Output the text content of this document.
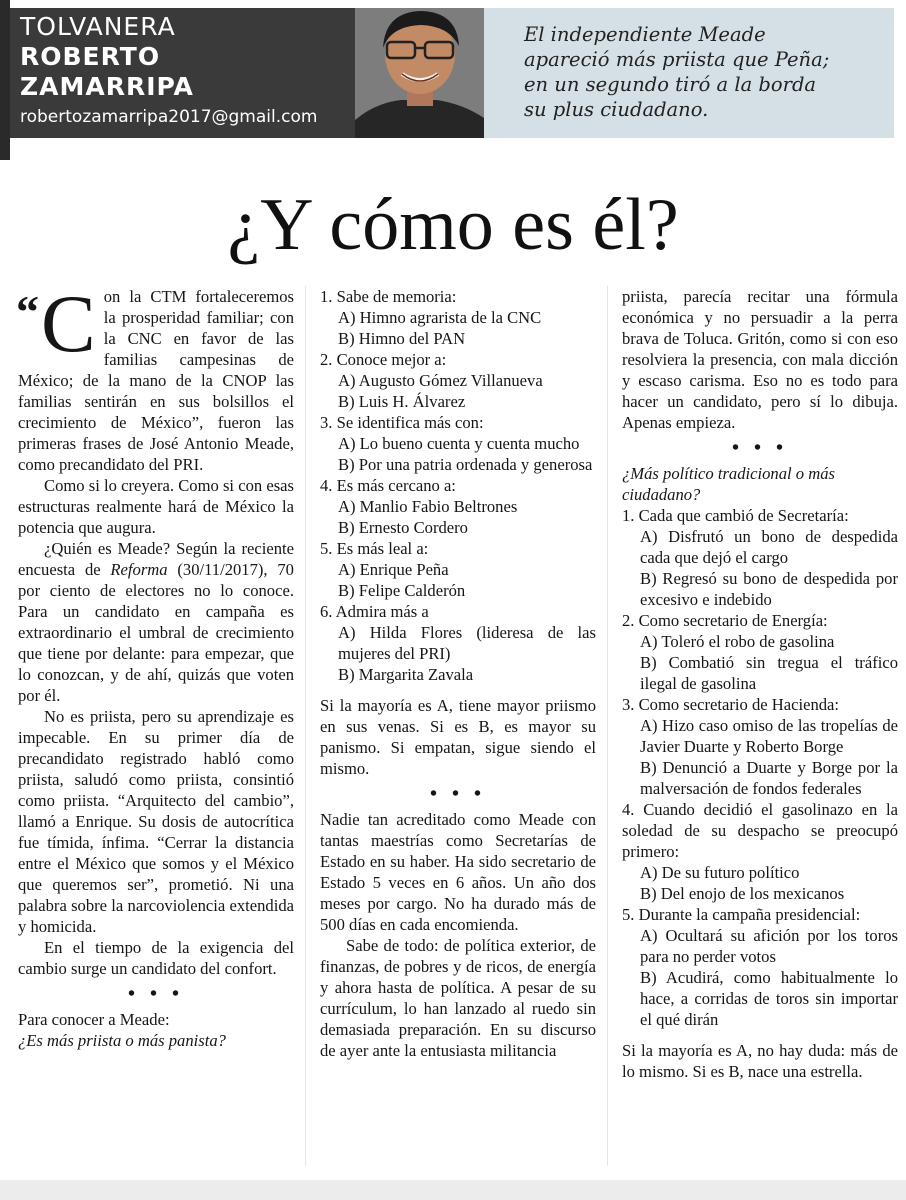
El independiente Meade
apareció más priista que Peña;
en un segundo tiró a la borda
su plus ciudadano.
TOLVANERA
ROBERTO
ZAMARRIPA
robertozamarripa2017@gmail.com
¿Y cómo es él?

“ C on la CTM fortaleceremos la prosperidad familiar; con la CNC en favor de las familias campesinas de México; de la mano de la CNOP las familias sentirán en sus bolsillos el crecimiento de México”, fueron las primeras frases de José Antonio Meade, como precandidato del PRI.

Como si lo creyera. Como si con esas estructuras realmente hará de México la potencia que augura.

¿Quién es Meade? Según la reciente encuesta de Reforma (30/11/2017), 70 por ciento de electores no lo conoce. Para un candidato en campaña es extraordinario el umbral de crecimiento que tiene por delante: para empezar, que lo conozcan, y de ahí, quizás que voten por él.

No es priista, pero su aprendizaje es impecable. En su primer día de precandidato registrado habló como priista, saludó como priista, consintió como priista. “Arquitecto del cambio”, llamó a Enrique. Su dosis de autocrítica fue tímida, ínfima. “Cerrar la distancia entre el México que somos y el México que queremos ser”, prometió. Ni una palabra sobre la narcoviolencia extendida y homicida.

En el tiempo de la exigencia del cambio surge un candidato del confort.

• • •

Para conocer a Meade:

¿Es más priista o más panista?

1. Sabe de memoria:

A) Himno agrarista de la CNC

B) Himno del PAN

2. Conoce mejor a:

A) Augusto Gómez Villanueva

B) Luis H. Álvarez

3. Se identifica más con:

A) Lo bueno cuenta y cuenta mucho

B) Por una patria ordenada y generosa

4. Es más cercano a:

A) Manlio Fabio Beltrones

B) Ernesto Cordero

5. Es más leal a:

A) Enrique Peña

B) Felipe Calderón

6. Admira más a

A) Hilda Flores (lideresa de las mujeres del PRI)

B) Margarita Zavala

Si la mayoría es A, tiene mayor priismo en sus venas. Si es B, es mayor su panismo. Si empatan, sigue siendo el mismo.

• • •

Nadie tan acreditado como Meade con tantas maestrías como Secretarías de Estado en su haber. Ha sido secretario de Estado 5 veces en 6 años. Un año dos meses por cargo. No ha durado más de 500 días en cada encomienda.

Sabe de todo: de política exterior, de finanzas, de pobres y de ricos, de energía y ahora hasta de política. A pesar de su currículum, lo han lanzado al ruedo sin demasiada preparación. En su discurso de ayer ante la entusiasta militancia

priista, parecía recitar una fórmula económica y no persuadir a la perra brava de Toluca. Gritón, como si con eso resolviera la presencia, con mala dicción y escaso carisma. Eso no es todo para hacer un candidato, pero sí lo dibuja. Apenas empieza.

• • •

¿Más político tradicional o más ciudadano?

1. Cada que cambió de Secretaría:

A) Disfrutó un bono de despedida cada que dejó el cargo

B) Regresó su bono de despedida por excesivo e indebido

2. Como secretario de Energía:

A) Toleró el robo de gasolina

B) Combatió sin tregua el tráfico ilegal de gasolina

3. Como secretario de Hacienda:

A) Hizo caso omiso de las tropelías de Javier Duarte y Roberto Borge

B) Denunció a Duarte y Borge por la malversación de fondos federales

4. Cuando decidió el gasolinazo en la soledad de su despacho se preocupó primero:

A) De su futuro político

B) Del enojo de los mexicanos

5. Durante la campaña presidencial:

A) Ocultará su afición por los toros para no perder votos

B) Acudirá, como habitualmente lo hace, a corridas de toros sin importar el qué dirán

Si la mayoría es A, no hay duda: más de lo mismo. Si es B, nace una estrella.
